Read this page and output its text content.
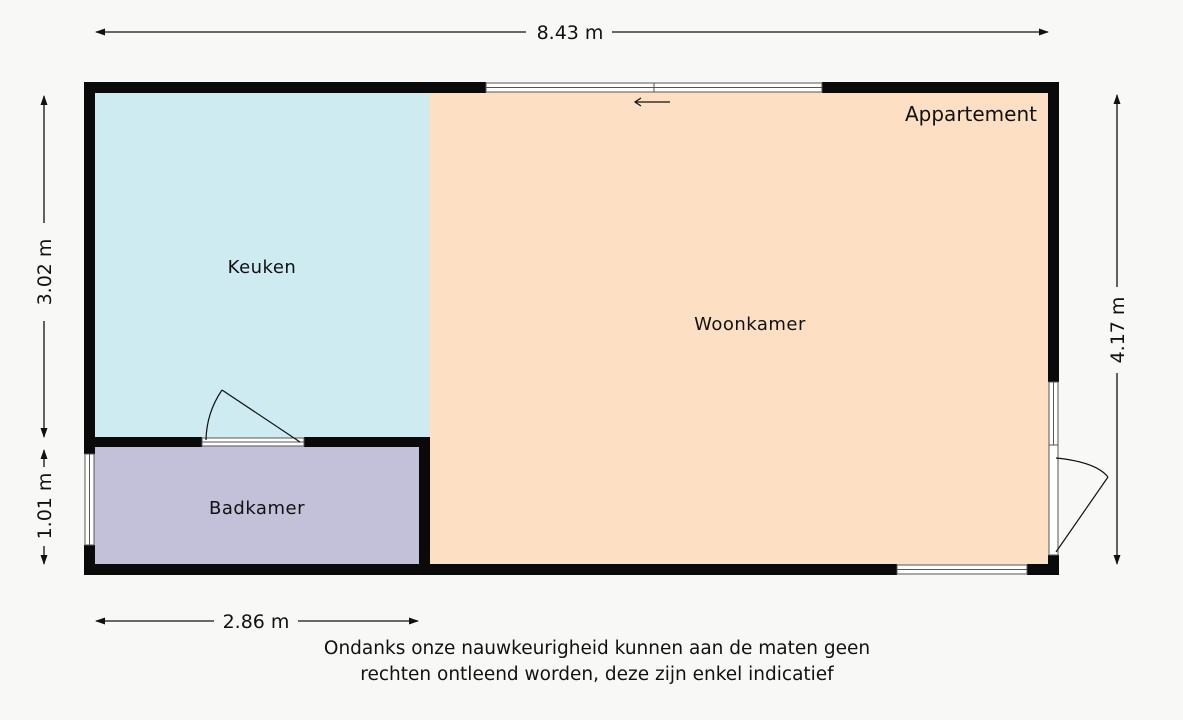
Keuken
Woonkamer
Badkamer
Appartement
8.43 m
3.02 m
1.01 m
4.17 m
2.86 m
Ondanks onze nauwkeurigheid kunnen aan de maten geen
rechten ontleend worden, deze zijn enkel indicatief
